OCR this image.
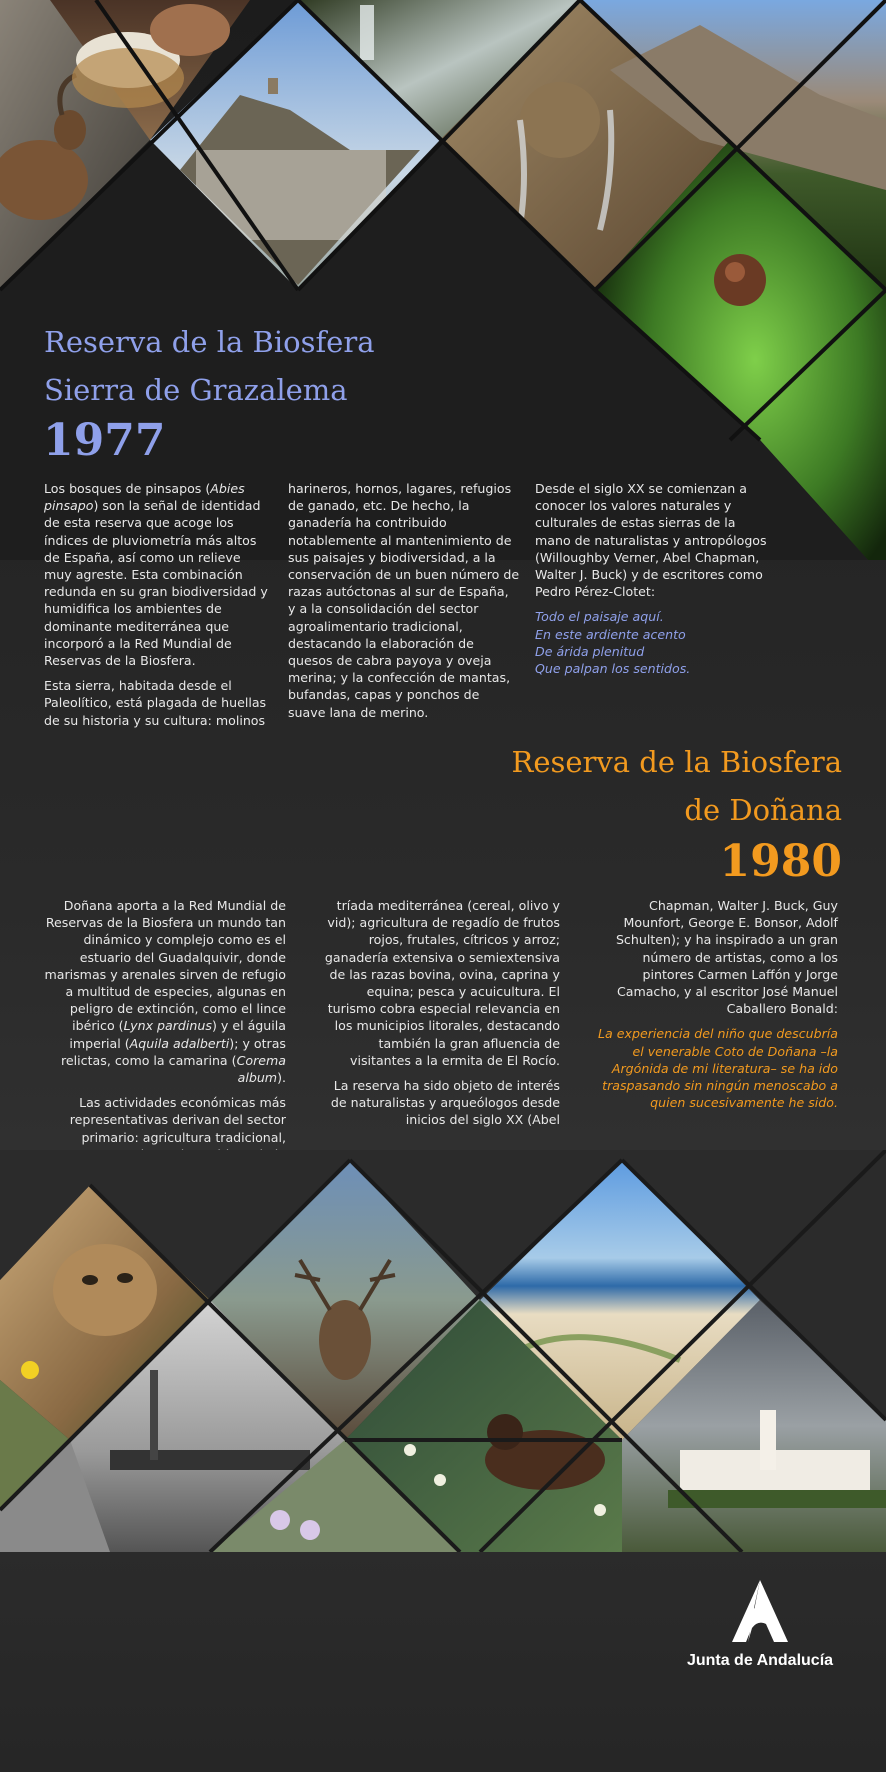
Reserva de la Biosfera
Sierra de Grazalema
1977

Los bosques de pinsapos (Abies pinsapo) son la señal de identidad de esta reserva que acoge los índices de pluviometría más altos de España, así como un relieve muy agreste. Esta combinación redunda en su gran biodiversidad y humidifica los ambientes de dominante mediterránea que incorporó a la Red Mundial de Reservas de la Biosfera.

Esta sierra, habitada desde el Paleolítico, está plagada de huellas de su historia y su cultura: molinos

harineros, hornos, lagares, refugios de ganado, etc. De hecho, la ganadería ha contribuido notablemente al mantenimiento de sus paisajes y biodiversidad, a la conservación de un buen número de razas autóctonas al sur de España, y a la consolidación del sector agroalimentario tradicional, destacando la elaboración de quesos de cabra payoya y oveja merina; y la confección de mantas, bufandas, capas y ponchos de suave lana de merino.

Desde el siglo XX se comienzan a conocer los valores naturales y culturales de estas sierras de la mano de naturalistas y antropólogos (Willoughby Verner, Abel Chapman, Walter J. Buck) y de escritores como Pedro Pérez-Clotet:

Todo el paisaje aquí.
En este ardiente acento
De árida plenitud
Que palpan los sentidos.

Reserva de la Biosfera
de Doñana
1980

Doñana aporta a la Red Mundial de Reservas de la Biosfera un mundo tan dinámico y complejo como es el estuario del Guadalquivir, donde marismas y arenales sirven de refugio a multitud de especies, algunas en peligro de extinción, como el lince ibérico (Lynx pardinus) y el águila imperial (Aquila adalberti); y otras relictas, como la camarina (Corema album).

Las actividades económicas más representativas derivan del sector primario: agricultura tradicional,

tríada mediterránea (cereal, olivo y vid); agricultura de regadío de frutos rojos, frutales, cítricos y arroz; ganadería extensiva o semiextensiva de las razas bovina, ovina, caprina y equina; pesca y acuicultura. El turismo cobra especial relevancia en los municipios litorales, destacando también la gran afluencia de visitantes a la ermita de El Rocío.

La reserva ha sido objeto de interés de naturalistas y arqueólogos desde inicios del siglo XX (Abel

Chapman, Walter J. Buck, Guy Mounfort, George E. Bonsor, Adolf Schulten); y ha inspirado a un gran número de artistas, como a los pintores Carmen Laffón y Jorge Camacho, y al escritor José Manuel Caballero Bonald:

La experiencia del niño que descubría el venerable Coto de Doñana –la Argónida de mi literatura– se ha ido traspasando sin ningún menoscabo a quien sucesivamente he sido.

Junta de Andalucía
